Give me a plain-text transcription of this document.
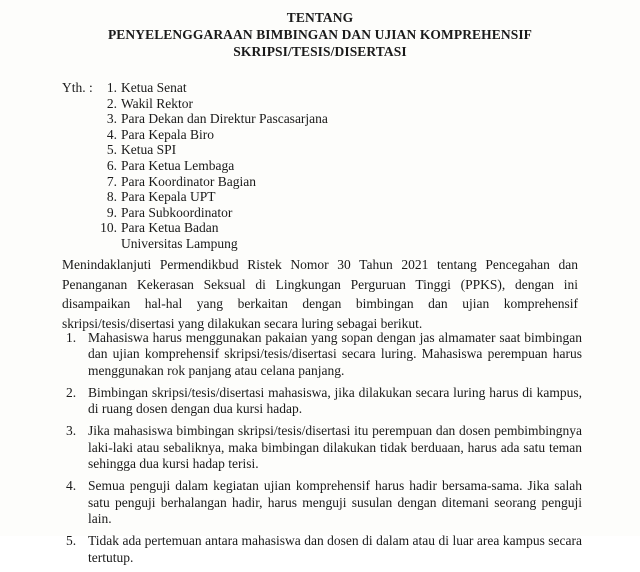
TENTANG
PENYELENGGARAAN BIMBINGAN DAN UJIAN KOMPREHENSIF
SKRIPSI/TESIS/DISERTASI
Yth. :	1. Ketua Senat
2. Wakil Rektor
3. Para Dekan dan Direktur Pascasarjana
4. Para Kepala Biro
5. Ketua SPI
6. Para Ketua Lembaga
7. Para Koordinator Bagian
8. Para Kepala UPT
9. Para Subkoordinator
10. Para Ketua Badan
Universitas Lampung

Menindaklanjuti Permendikbud Ristek Nomor 30 Tahun 2021 tentang Pencegahan dan Penanganan Kekerasan Seksual di Lingkungan Perguruan Tinggi (PPKS), dengan ini disampaikan hal-hal yang berkaitan dengan bimbingan dan ujian komprehensif skripsi/tesis/disertasi yang dilakukan secara luring sebagai berikut.

1. Mahasiswa harus menggunakan pakaian yang sopan dengan jas almamater saat bimbingan dan ujian komprehensif skripsi/tesis/disertasi secara luring. Mahasiswa perempuan harus menggunakan rok panjang atau celana panjang.
2. Bimbingan skripsi/tesis/disertasi mahasiswa, jika dilakukan secara luring harus di kampus, di ruang dosen dengan dua kursi hadap.
3. Jika mahasiswa bimbingan skripsi/tesis/disertasi itu perempuan dan dosen pembimbingnya laki-laki atau sebaliknya, maka bimbingan dilakukan tidak berduaan, harus ada satu teman sehingga dua kursi hadap terisi.
4. Semua penguji dalam kegiatan ujian komprehensif harus hadir bersama-sama. Jika salah satu penguji berhalangan hadir, harus menguji susulan dengan ditemani seorang penguji lain.
5. Tidak ada pertemuan antara mahasiswa dan dosen di dalam atau di luar area kampus secara tertutup.
